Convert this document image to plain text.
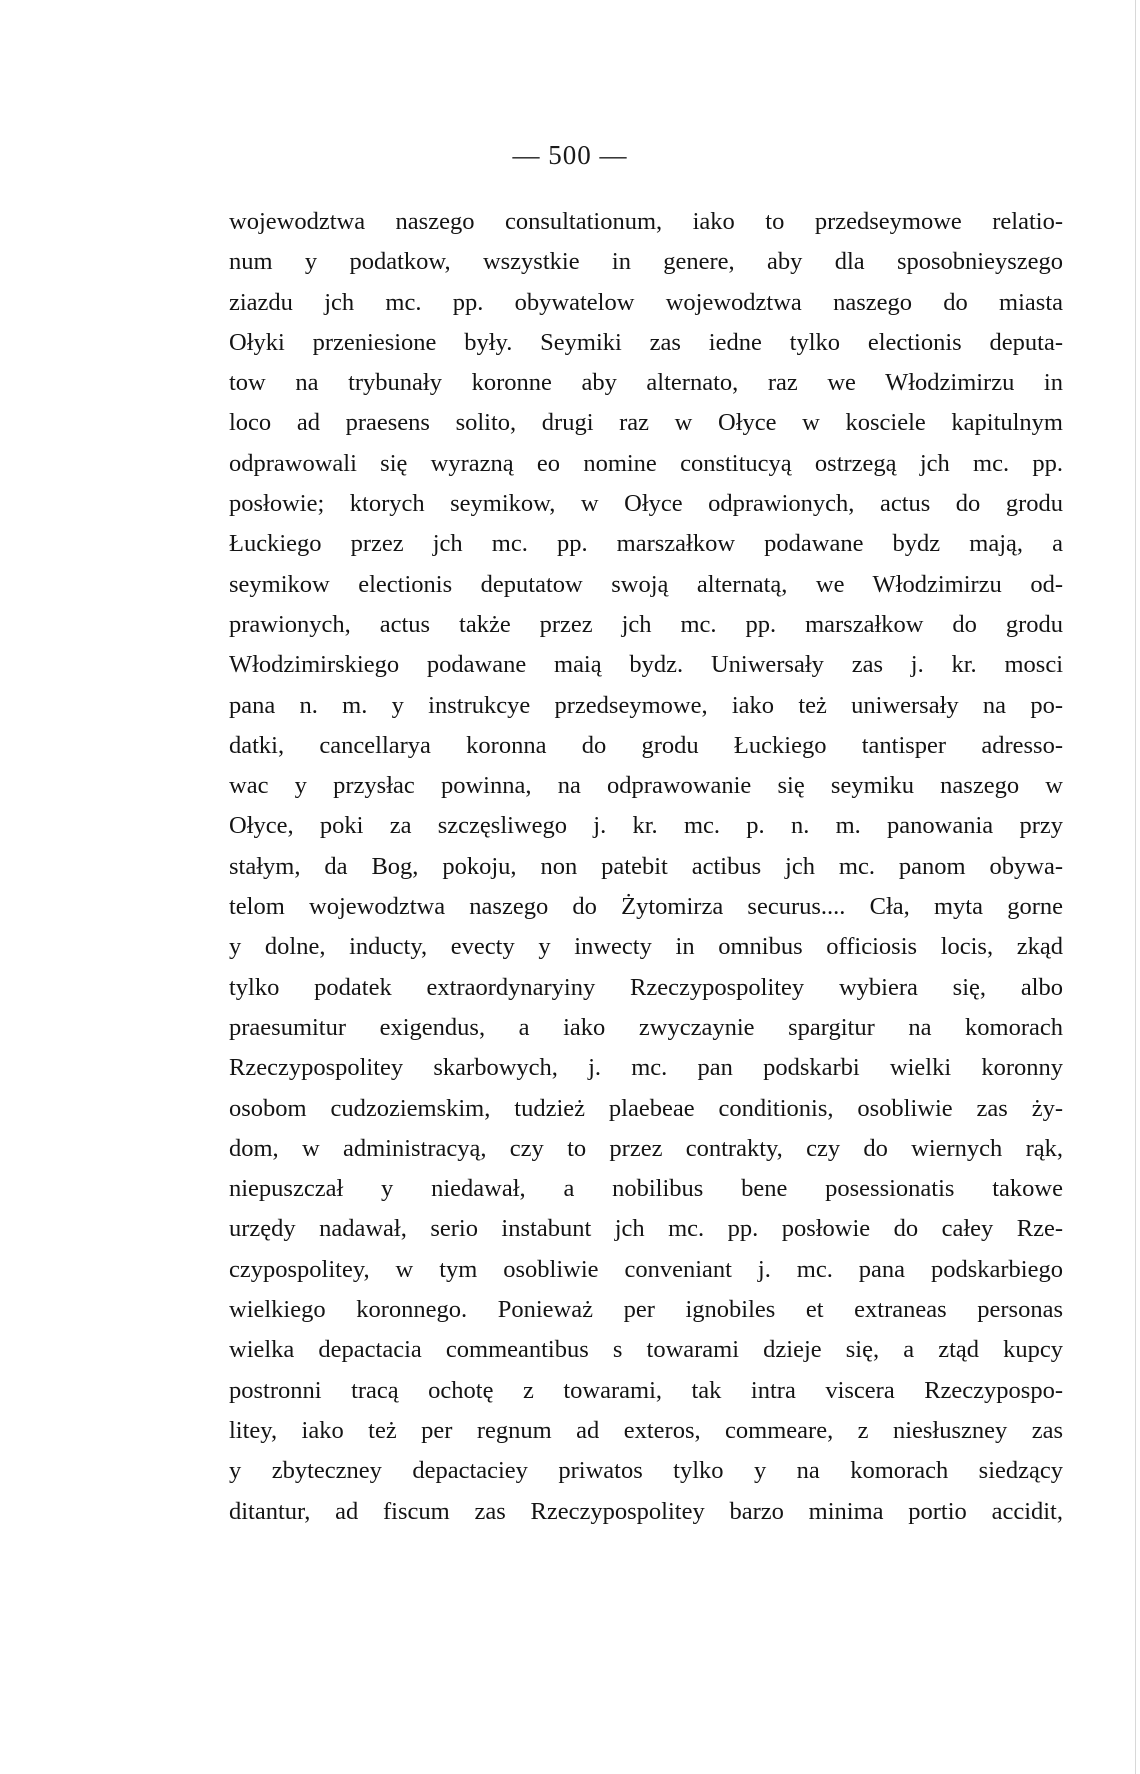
— 500 —
wojewodztwa naszego consultationum, iako to przedseymowe relatio-
num y podatkow, wszystkie in genere, aby dla sposobnieyszego
ziazdu jch mc. pp. obywatelow wojewodztwa naszego do miasta
Ołyki przeniesione były. Seymiki zas iedne tylko electionis deputa-
tow na trybunały koronne aby alternato, raz we Włodzimirzu in
loco ad praesens solito, drugi raz w Ołyce w kosciele kapitulnym
odprawowali się wyrazną eo nomine constitucyą ostrzegą jch mc. pp.
posłowie; ktorych seymikow, w Ołyce odprawionych, actus do grodu
Łuckiego przez jch mc. pp. marszałkow podawane bydz mają, a
seymikow electionis deputatow swoją alternatą, we Włodzimirzu od-
prawionych, actus także przez jch mc. pp. marszałkow do grodu
Włodzimirskiego podawane maią bydz. Uniwersały zas j. kr. mosci
pana n. m. y instrukcye przedseymowe, iako też uniwersały na po-
datki, cancellarya koronna do grodu Łuckiego tantisper adresso-
wac y przysłac powinna, na odprawowanie się seymiku naszego w
Ołyce, poki za szczęsliwego j. kr. mc. p. n. m. panowania przy
stałym, da Bog, pokoju, non patebit actibus jch mc. panom obywa-
telom wojewodztwa naszego do Żytomirza securus.... Cła, myta gorne
y dolne, inducty, evecty y inwecty in omnibus officiosis locis, zkąd
tylko podatek extraordynaryiny Rzeczypospolitey wybiera się, albo
praesumitur exigendus, a iako zwyczaynie spargitur na komorach
Rzeczypospolitey skarbowych, j. mc. pan podskarbi wielki koronny
osobom cudzoziemskim, tudzież plaebeae conditionis, osobliwie zas ży-
dom, w administracyą, czy to przez contrakty, czy do wiernych rąk,
niepuszczał y niedawał, a nobilibus bene posessionatis takowe
urzędy nadawał, serio instabunt jch mc. pp. posłowie do całey Rze-
czypospolitey, w tym osobliwie conveniant j. mc. pana podskarbiego
wielkiego koronnego. Ponieważ per ignobiles et extraneas personas
wielka depactacia commeantibus s towarami dzieje się, a ztąd kupcy
postronni tracą ochotę z towarami, tak intra viscera Rzeczypospo-
litey, iako też per regnum ad exteros, commeare, z niesłuszney zas
y zbyteczney depactaciey priwatos tylko y na komorach siedzący
ditantur, ad fiscum zas Rzeczypospolitey barzo minima portio accidit,
